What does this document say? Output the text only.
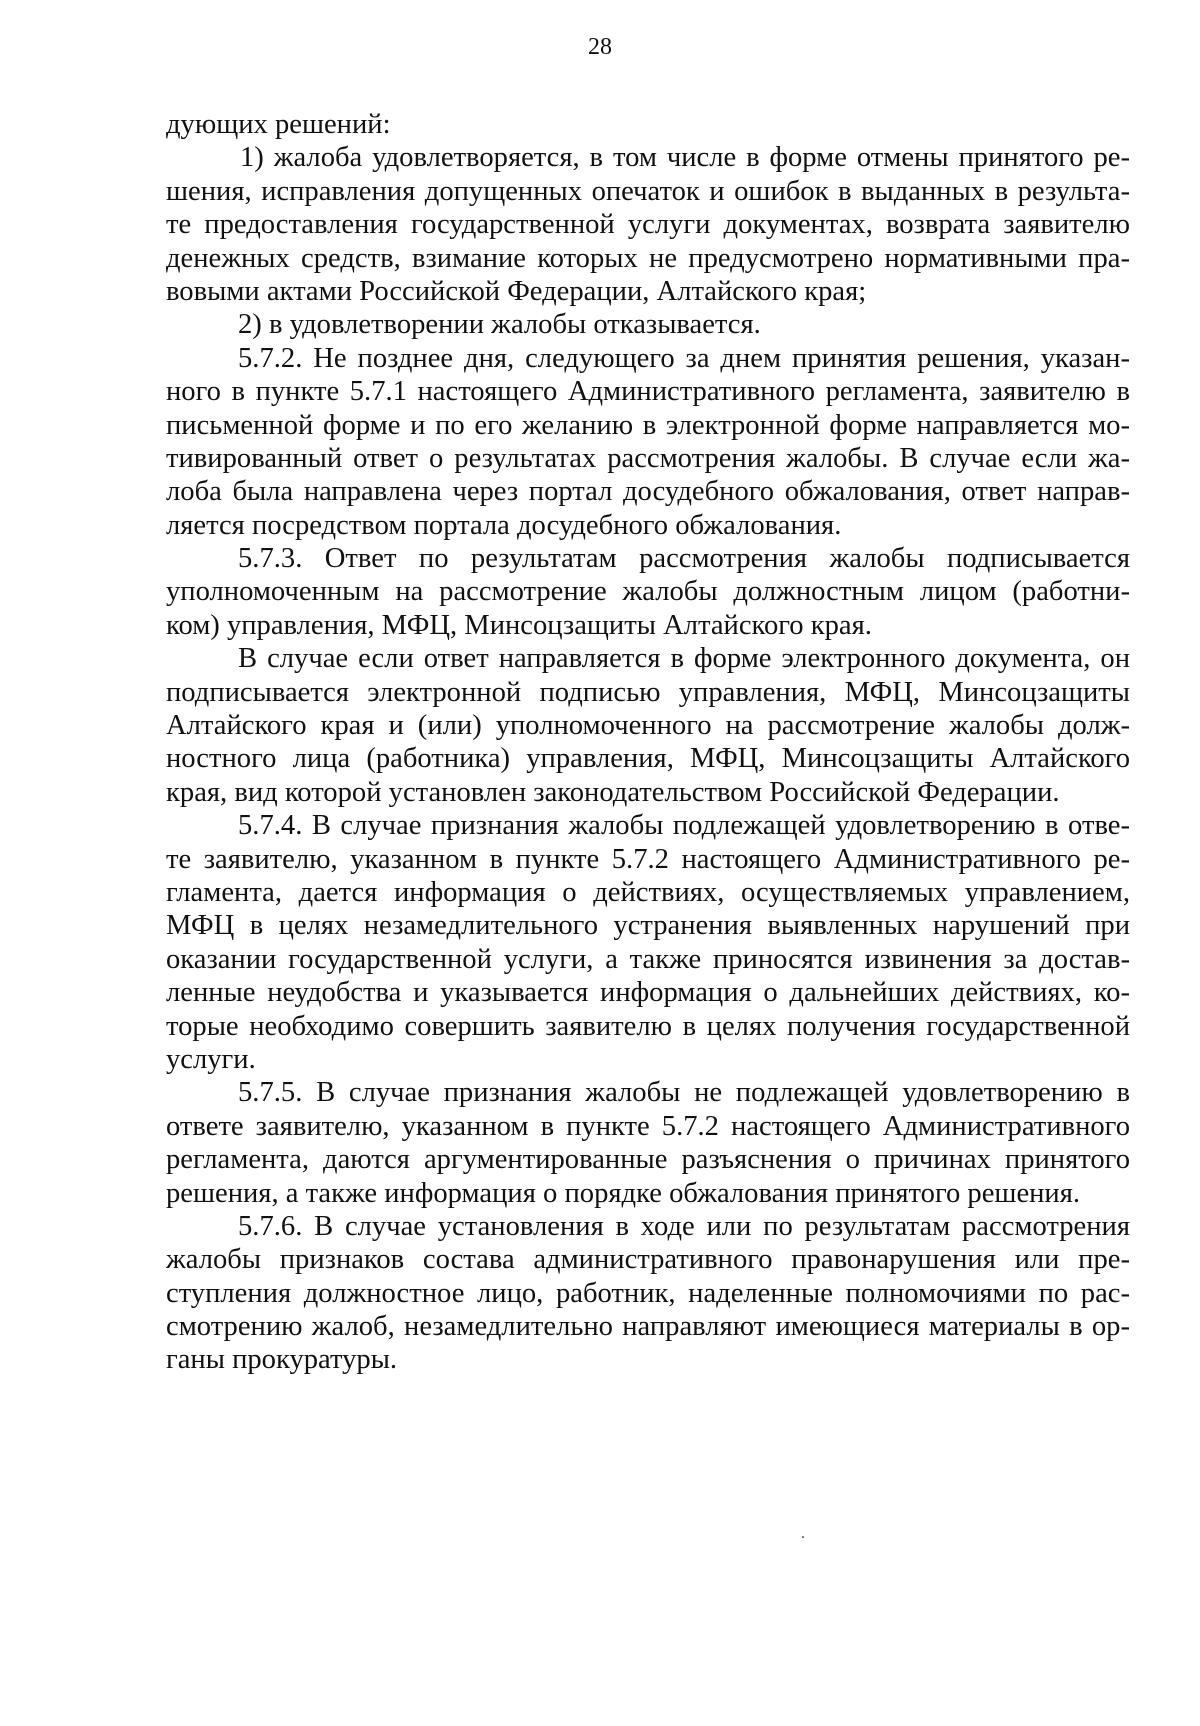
28
дующих решений:
1) жалоба удовлетворяется, в том числе в форме отмены принятого ре-
шения, исправления допущенных опечаток и ошибок в выданных в результа-
те предоставления государственной услуги документах, возврата заявителю
денежных средств, взимание которых не предусмотрено нормативными пра-
вовыми актами Российской Федерации, Алтайского края;
2) в удовлетворении жалобы отказывается.
5.7.2. Не позднее дня, следующего за днем принятия решения, указан-
ного в пункте 5.7.1 настоящего Административного регламента, заявителю в
письменной форме и по его желанию в электронной форме направляется мо-
тивированный ответ о результатах рассмотрения жалобы. В случае если жа-
лоба была направлена через портал досудебного обжалования, ответ направ-
ляется посредством портала досудебного обжалования.
5.7.3. Ответ по результатам рассмотрения жалобы подписывается
уполномоченным на рассмотрение жалобы должностным лицом (работни-
ком) управления, МФЦ, Минсоцзащиты Алтайского края.
В случае если ответ направляется в форме электронного документа, он
подписывается электронной подписью управления, МФЦ, Минсоцзащиты
Алтайского края и (или) уполномоченного на рассмотрение жалобы долж-
ностного лица (работника) управления, МФЦ, Минсоцзащиты Алтайского
края, вид которой установлен законодательством Российской Федерации.
5.7.4. В случае признания жалобы подлежащей удовлетворению в отве-
те заявителю, указанном в пункте 5.7.2 настоящего Административного ре-
гламента, дается информация о действиях, осуществляемых управлением,
МФЦ в целях незамедлительного устранения выявленных нарушений при
оказании государственной услуги, а также приносятся извинения за достав-
ленные неудобства и указывается информация о дальнейших действиях, ко-
торые необходимо совершить заявителю в целях получения государственной
услуги.
5.7.5. В случае признания жалобы не подлежащей удовлетворению в
ответе заявителю, указанном в пункте 5.7.2 настоящего Административного
регламента, даются аргументированные разъяснения о причинах принятого
решения, а также информация о порядке обжалования принятого решения.
5.7.6. В случае установления в ходе или по результатам рассмотрения
жалобы признаков состава административного правонарушения или пре-
ступления должностное лицо, работник, наделенные полномочиями по рас-
смотрению жалоб, незамедлительно направляют имеющиеся материалы в ор-
ганы прокуратуры.
